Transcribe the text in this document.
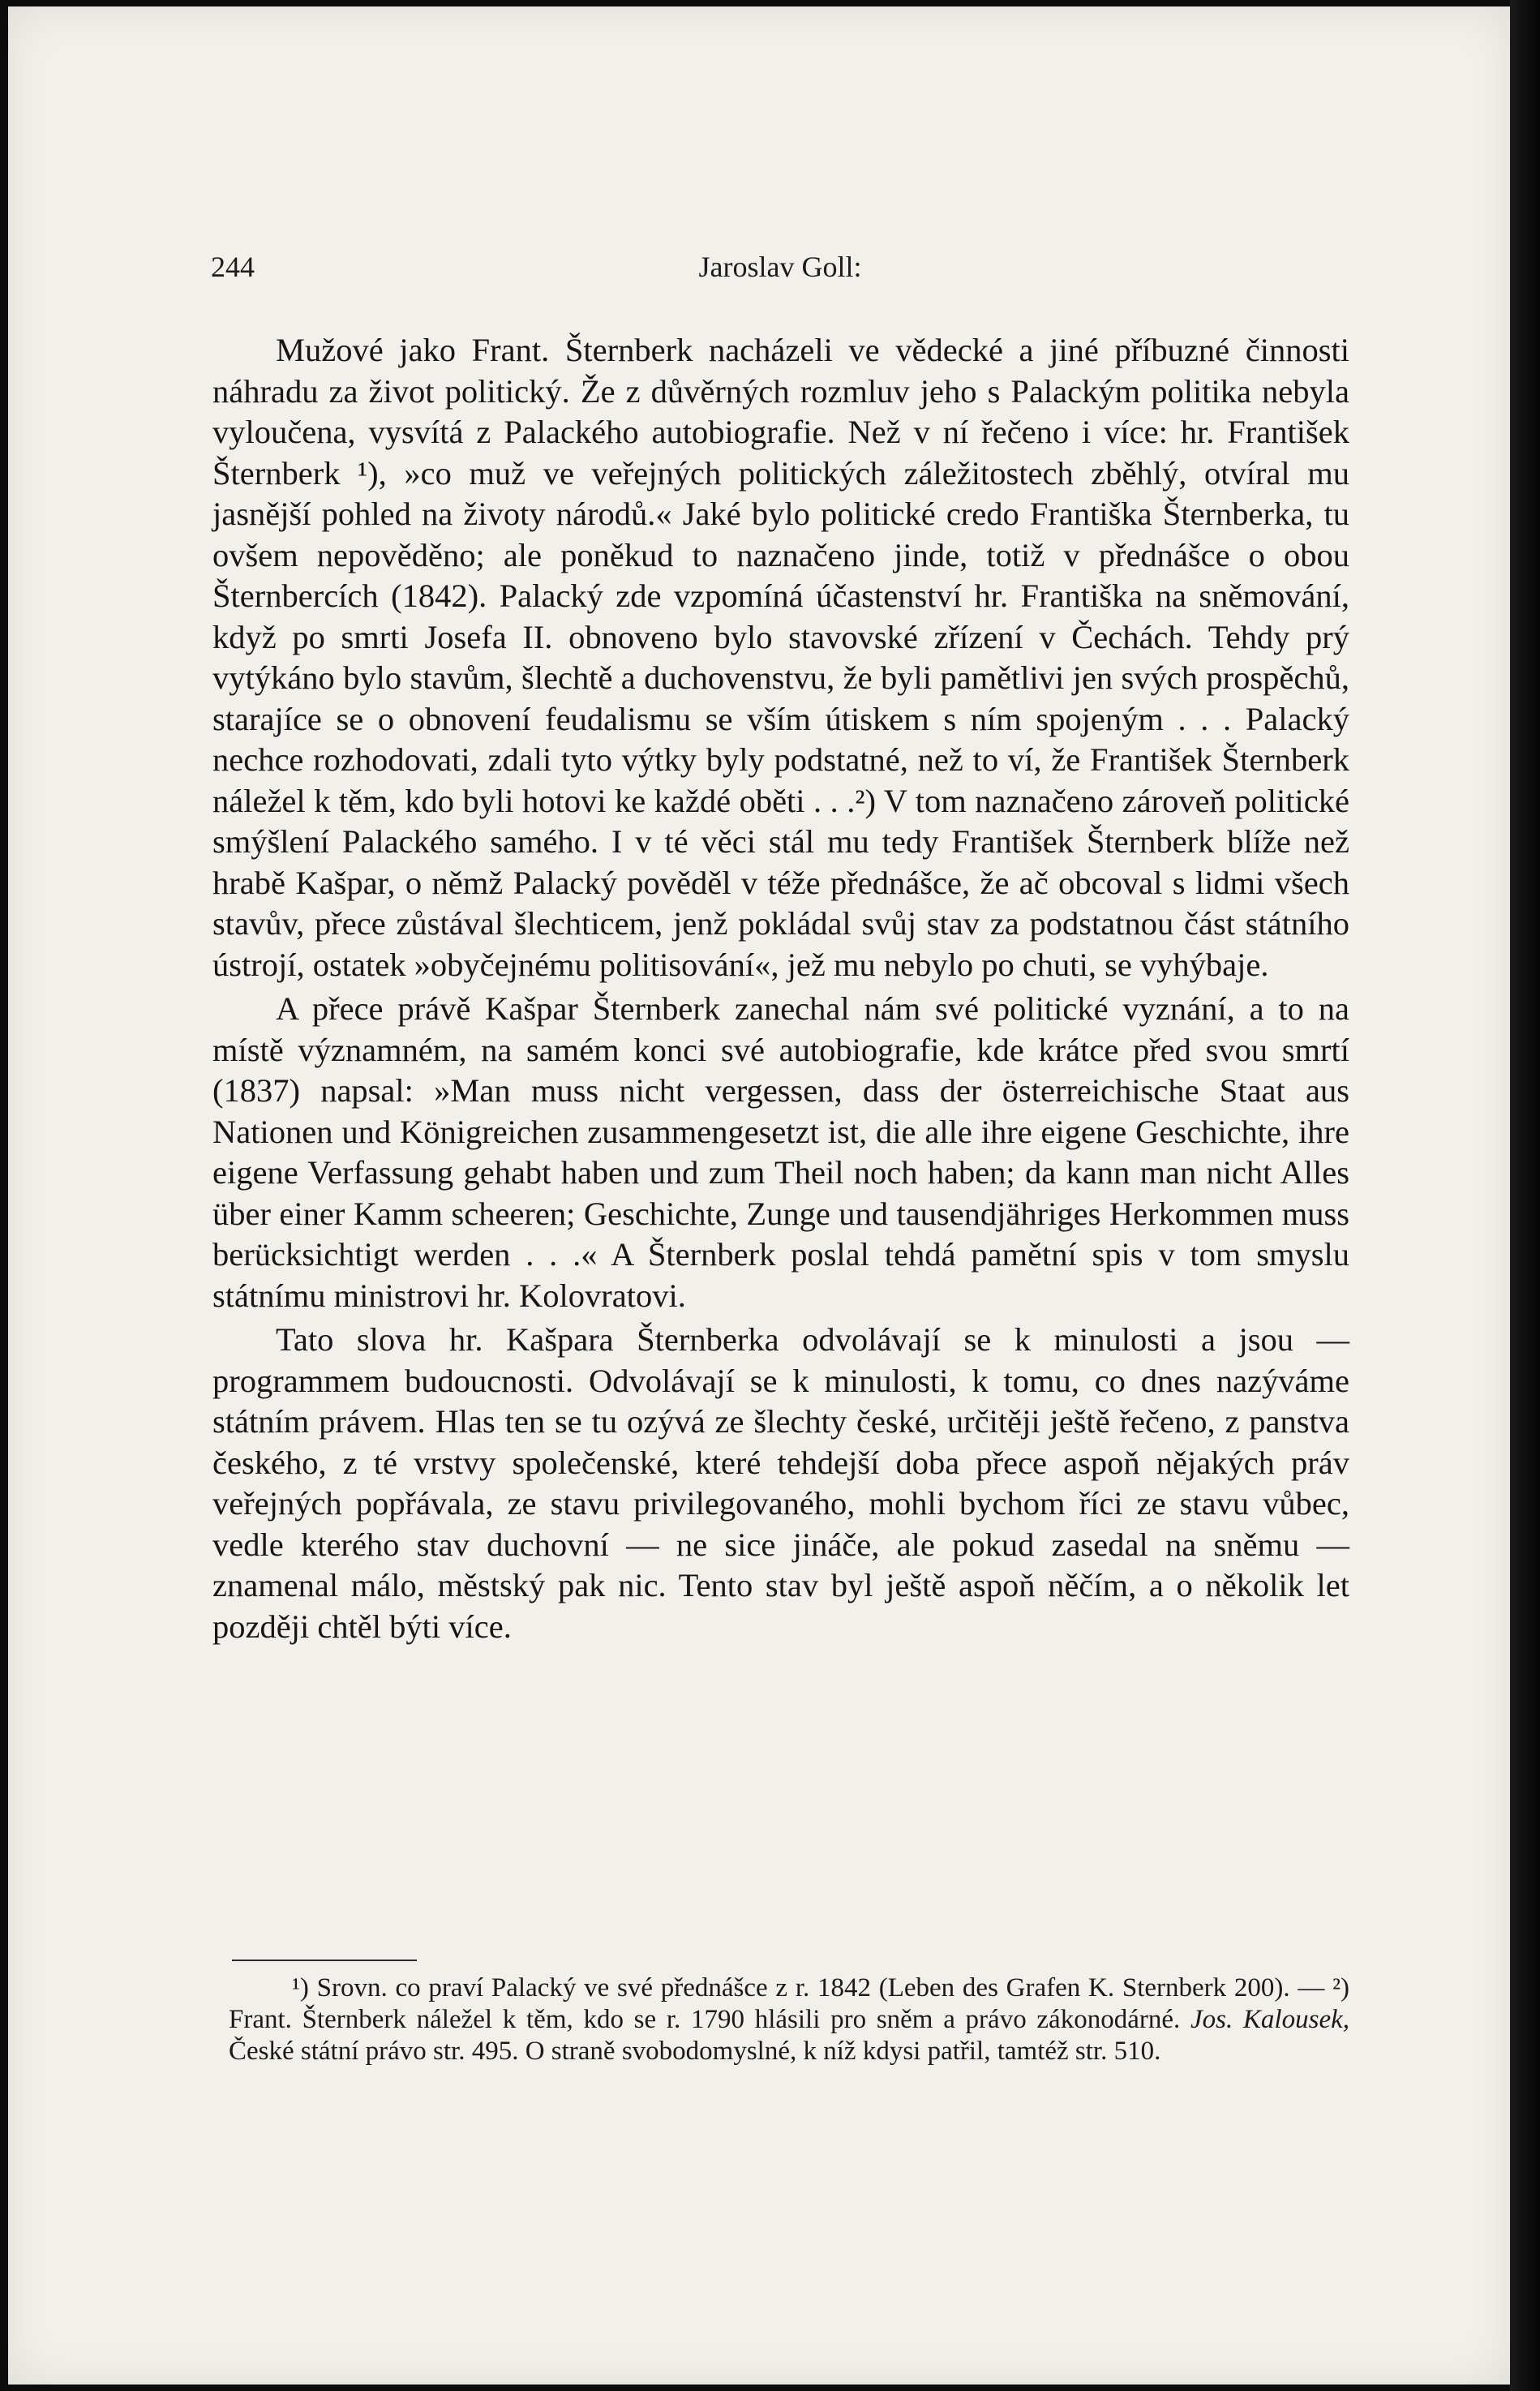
244	Jaroslav Goll:

Mužové jako Frant. Šternberk nacházeli ve vědecké a jiné příbuzné činnosti náhradu za život politický. Že z důvěrných rozmluv jeho s Palackým politika nebyla vyloučena, vysvítá z Palackého autobiografie. Než v ní řečeno i více: hr. František Šternberk ¹), »co muž ve veřejných politických záležitostech zběhlý, otvíral mu jasnější pohled na životy národů.« Jaké bylo politické credo Františka Šternberka, tu ovšem nepověděno; ale poněkud to naznačeno jinde, totiž v přednášce o obou Šternbercích (1842). Palacký zde vzpomíná účastenství hr. Františka na sněmování, když po smrti Josefa II. obnoveno bylo stavovské zřízení v Čechách. Tehdy prý vytýkáno bylo stavům, šlechtě a duchovenstvu, že byli pamětlivi jen svých prospěchů, starajíce se o obnovení feudalismu se vším útiskem s ním spojeným . . . Palacký nechce rozhodovati, zdali tyto výtky byly podstatné, než to ví, že František Šternberk náležel k těm, kdo byli hotovi ke každé oběti . . .²) V tom naznačeno zároveň politické smýšlení Palackého samého. I v té věci stál mu tedy František Šternberk blíže než hrabě Kašpar, o němž Palacký pověděl v téže přednášce, že ač obcoval s lidmi všech stavův, přece zůstával šlechticem, jenž pokládal svůj stav za podstatnou část státního ústrojí, ostatek »obyčejnému politisování«, jež mu nebylo po chuti, se vyhýbaje.

A přece právě Kašpar Šternberk zanechal nám své politické vyznání, a to na místě významném, na samém konci své autobiografie, kde krátce před svou smrtí (1837) napsal: »Man muss nicht vergessen, dass der österreichische Staat aus Nationen und Königreichen zusammengesetzt ist, die alle ihre eigene Geschichte, ihre eigene Verfassung gehabt haben und zum Theil noch haben; da kann man nicht Alles über einer Kamm scheeren; Geschichte, Zunge und tausendjähriges Herkommen muss berücksichtigt werden . . .« A Šternberk poslal tehdá pamětní spis v tom smyslu státnímu ministrovi hr. Kolovratovi.

Tato slova hr. Kašpara Šternberka odvolávají se k minulosti a jsou — programmem budoucnosti. Odvolávají se k minulosti, k tomu, co dnes nazýváme státním právem. Hlas ten se tu ozývá ze šlechty české, určitěji ještě řečeno, z panstva českého, z té vrstvy společenské, které tehdejší doba přece aspoň nějakých práv veřejných popřávala, ze stavu privilegovaného, mohli bychom říci ze stavu vůbec, vedle kterého stav duchovní — ne sice jináče, ale pokud zasedal na sněmu — znamenal málo, městský pak nic. Tento stav byl ještě aspoň něčím, a o několik let později chtěl býti více.

¹) Srovn. co praví Palacký ve své přednášce z r. 1842 (Leben des Grafen K. Sternberk 200). — ²) Frant. Šternberk náležel k těm, kdo se r. 1790 hlásili pro sněm a právo zákonodárné. Jos. Kalousek, České státní právo str. 495. O straně svobodomyslné, k níž kdysi patřil, tamtéž str. 510.
